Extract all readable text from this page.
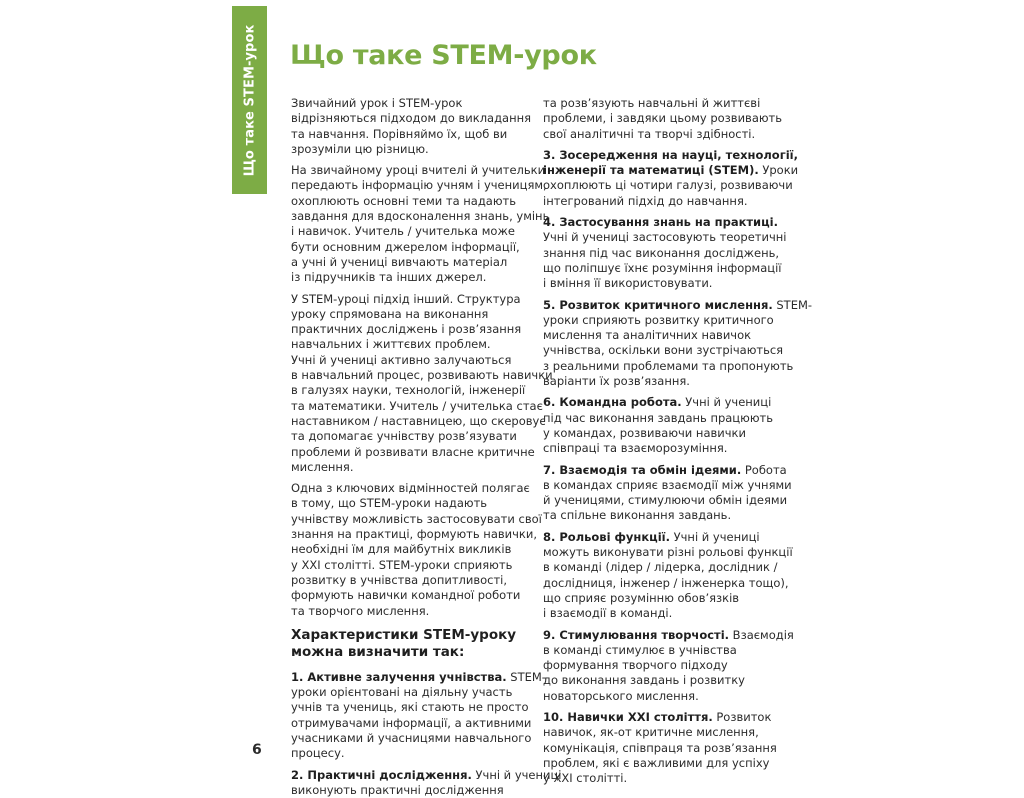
Що таке STEM-урок Що таке STEM-урок
Звичайний урок і STEM-урок
відрізняються підходом до викладання
та навчання. Порівняймо їх, щоб ви
зрозуміли цю різницю.
На звичайному уроці вчителі й учительки
передають інформацію учням і ученицям,
охоплюють основні теми та надають
завдання для вдосконалення знань, умінь
і навичок. Учитель / учителька може
бути основним джерелом інформації,
а учні й учениці вивчають матеріал
із підручників та інших джерел.
У STEM-уроці підхід інший. Структура
уроку спрямована на виконання
практичних досліджень і розв’язання
навчальних і життєвих проблем.
Учні й учениці активно залучаються
в навчальний процес, розвивають навички
в галузях науки, технологій, інженерії
та математики. Учитель / учителька стає
наставником / наставницею, що скеровує
та допомагає учнівству розв’язувати
проблеми й розвивати власне критичне
мислення.
Одна з ключових відмінностей полягає
в тому, що STEM-уроки надають
учнівству можливість застосовувати свої
знання на практиці, формують навички,
необхідні їм для майбутніх викликів
у XXI столітті. STEM-уроки сприяють
розвитку в учнівства допитливості,
формують навички командної роботи
та творчого мислення.
Характеристики STEM-уроку
можна визначити так:
1. Активне залучення учнівства. STEM-
уроки орієнтовані на діяльну участь
учнів та учениць, які стають не просто
отримувачами інформації, а активними
учасниками й учасницями навчального
процесу.
2. Практичні дослідження. Учні й учениці
виконують практичні дослідження
та розв’язують навчальні й життєві
проблеми, і завдяки цьому розвивають
свої аналітичні та творчі здібності.
3. Зосередження на науці, технології,
інженерії та математиці (STEM). Уроки
охоплюють ці чотири галузі, розвиваючи
інтегрований підхід до навчання.
4. Застосування знань на практиці.
Учні й учениці застосовують теоретичні
знання під час виконання досліджень,
що поліпшує їхнє розуміння інформації
і вміння її використовувати.
5. Розвиток критичного мислення. STEM-
уроки сприяють розвитку критичного
мислення та аналітичних навичок
учнівства, оскільки вони зустрічаються
з реальними проблемами та пропонують
варіанти їх розв’язання.
6. Командна робота. Учні й учениці
під час виконання завдань працюють
у командах, розвиваючи навички
співпраці та взаєморозуміння.
7. Взаємодія та обмін ідеями. Робота
в командах сприяє взаємодії між учнями
й ученицями, стимулюючи обмін ідеями
та спільне виконання завдань.
8. Рольові функції. Учні й учениці
можуть виконувати різні рольові функції
в команді (лідер / лідерка, дослідник /
дослідниця, інженер / інженерка тощо),
що сприяє розумінню обов’язків
і взаємодії в команді.
9. Стимулювання творчості. Взаємодія
в команді стимулює в учнівства
формування творчого підходу
до виконання завдань і розвитку
новаторського мислення.
10. Навички XXI століття. Розвиток
навичок, як-от критичне мислення,
комунікація, співпраця та розв’язання
проблем, які є важливими для успіху
у XXI столітті.
6
